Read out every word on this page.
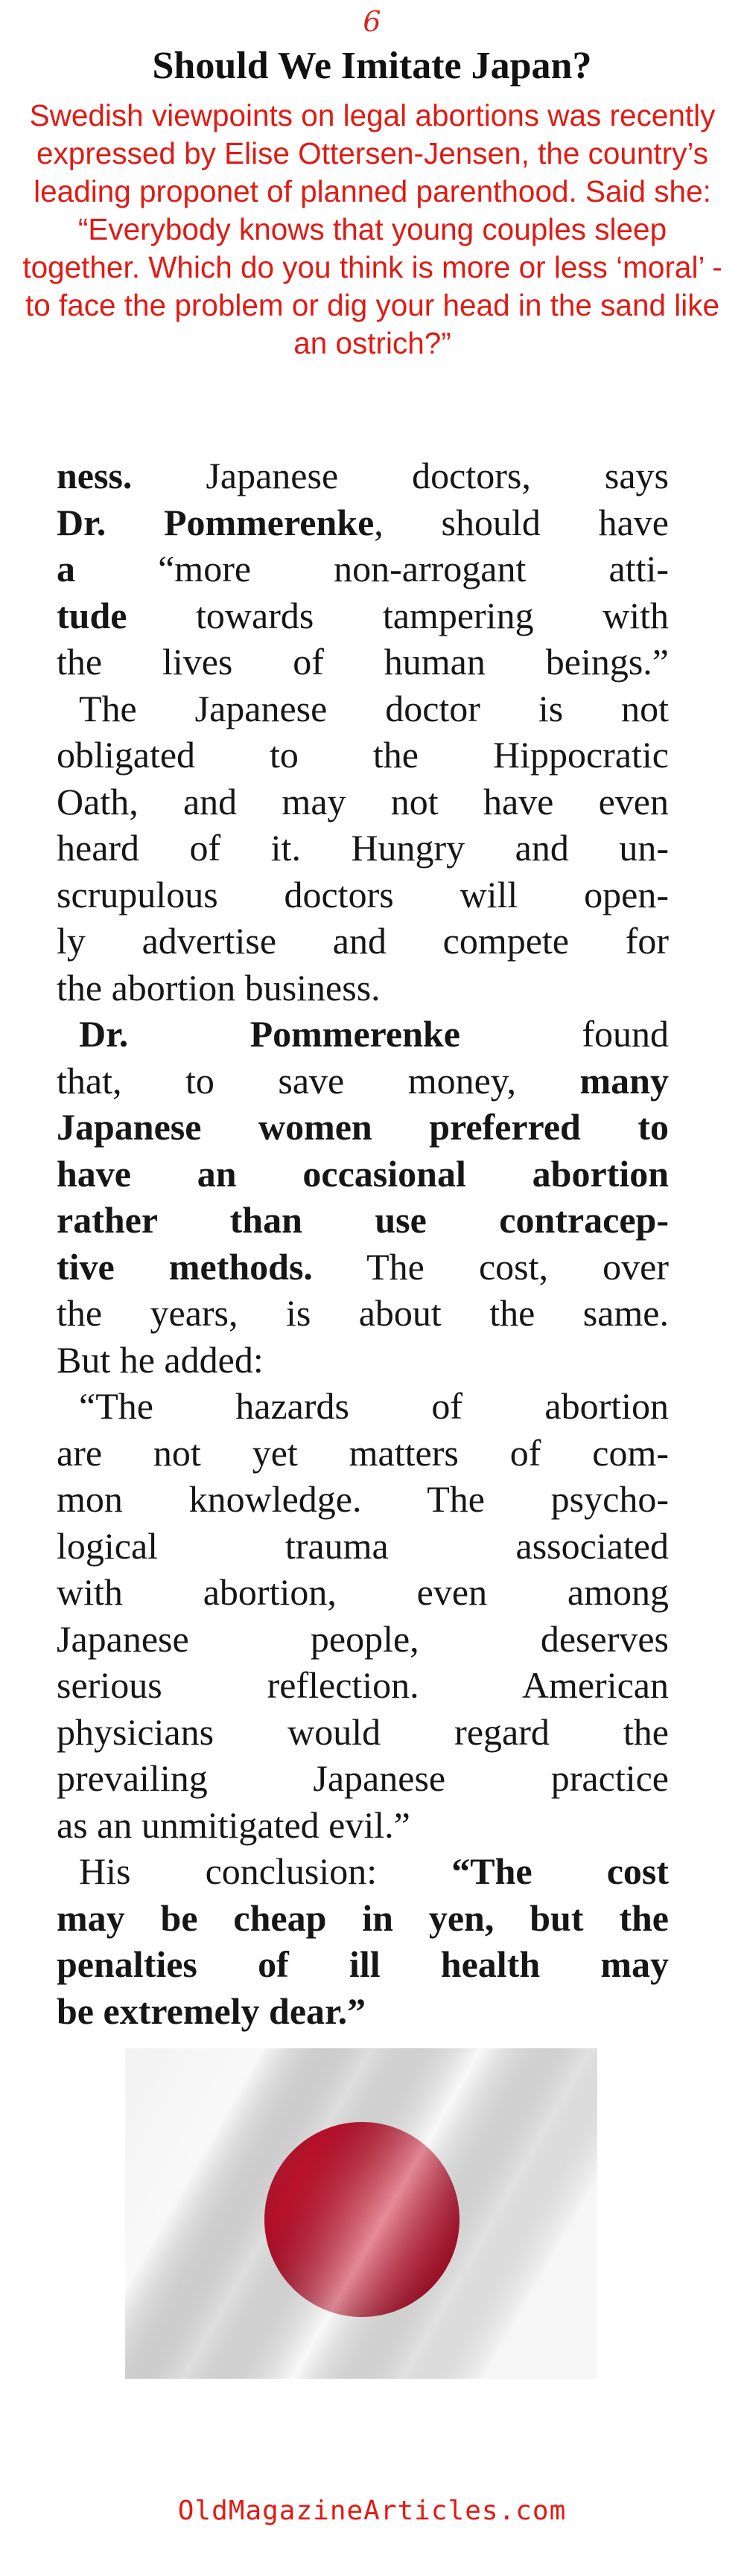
6
Should We Imitate Japan?
Swedish viewpoints on legal abortions was recently expressed by Elise Ottersen-Jensen, the country’s leading proponet of planned parenthood. Said she: “Everybody knows that young couples sleep together. Which do you think is more or less ‘moral’ - to face the problem or dig your head in the sand like an ostrich?”
ness. Japanese doctors, says
Dr. Pommerenke, should have
a “more non-arrogant atti-
tude towards tampering with
the lives of human beings.”
The Japanese doctor is not
obligated to the Hippocratic
Oath, and may not have even
heard of it. Hungry and un-
scrupulous doctors will open-
ly advertise and compete for
the abortion business.
Dr. Pommerenke found
that, to save money, many
Japanese women preferred to
have an occasional abortion
rather than use contracep-
tive methods. The cost, over
the years, is about the same.
But he added:
“The hazards of abortion
are not yet matters of com-
mon knowledge. The psycho-
logical trauma associated
with abortion, even among
Japanese people, deserves
serious reflection. American
physicians would regard the
prevailing Japanese practice
as an unmitigated evil.”
His conclusion: “The cost
may be cheap in yen, but the
penalties of ill health may
be extremely dear.”
OldMagazineArticles.com
